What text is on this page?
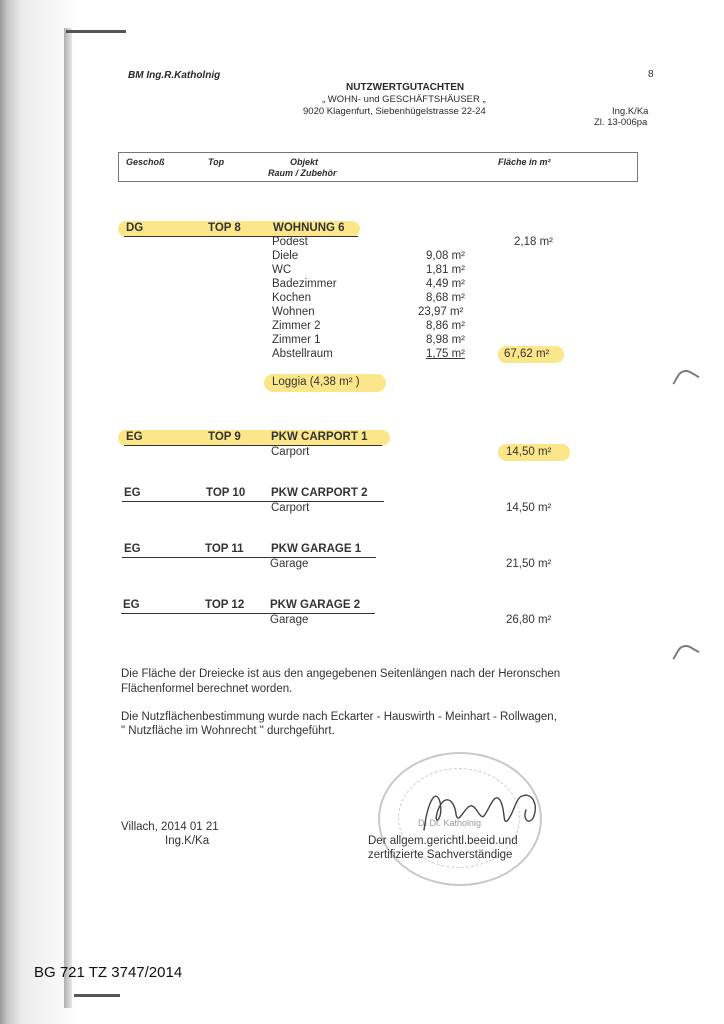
BM Ing.R.Katholnig	8
NUTZWERTGUTACHTEN
„ WOHN- und GESCHÄFTSHÄUSER „
9020 Klagenfurt, Siebenhügelstrasse 22-24	Ing.K/Ka
Zl. 13-006pa
Geschoß	Top	Objekt
Raum / Zubehör
Fläche in m²
DG	TOP 8	WOHNUNG 6
Podest	2,18 m²
Diele	9,08 m²
WC	1,81 m²
Badezimmer	4,49 m²
Kochen	8,68 m²
Wohnen	23,97 m²
Zimmer 2	8,86 m²
Zimmer 1	8,98 m²
Abstellraum	1,75 m²	67,62 m²
Loggia (4,38 m² )
EG	TOP 9	PKW CARPORT 1
Carport	14,50 m²
EG	TOP 10 PKW CARPORT 2
Carport	14,50 m²
EG	TOP 11 PKW GARAGE 1
Garage	21,50 m²
EG	TOP 12 PKW GARAGE 2
Garage	26,80 m²
Die Fläche der Dreiecke ist aus den angegebenen Seitenlängen nach der Heronschen
Flächenformel berechnet worden.
Die Nutzflächenbestimmung wurde nach Eckarter - Hauswirth - Meinhart - Rollwagen,
" Nutzfläche im Wohnrecht " durchgeführt.
DI Dr. Katholnig
Villach, 2014 01 21
Ing.K/Ka	Der allgem.gerichtl.beeid.und
zertifizierte Sachverständige
BG 721 TZ 3747/2014
